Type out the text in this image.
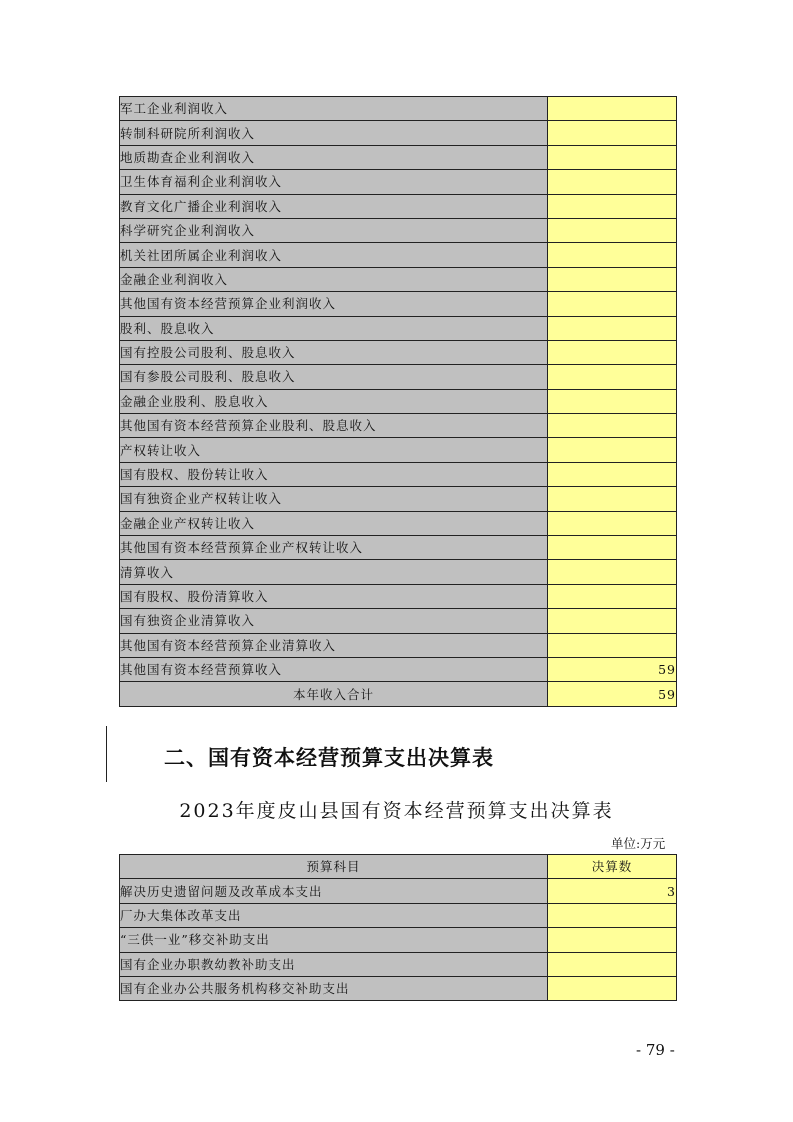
军工企业利润收入	
转制科研院所利润收入	
地质勘查企业利润收入	
卫生体育福利企业利润收入	
教育文化广播企业利润收入	
科学研究企业利润收入	
机关社团所属企业利润收入	
金融企业利润收入	
其他国有资本经营预算企业利润收入	
股利、股息收入	
国有控股公司股利、股息收入	
国有参股公司股利、股息收入	
金融企业股利、股息收入	
其他国有资本经营预算企业股利、股息收入	
产权转让收入	
国有股权、股份转让收入	
国有独资企业产权转让收入	
金融企业产权转让收入	
其他国有资本经营预算企业产权转让收入	
清算收入	
国有股权、股份清算收入	
国有独资企业清算收入	
其他国有资本经营预算企业清算收入	
其他国有资本经营预算收入	59
本年收入合计	59
二、国有资本经营预算支出决算表
2023年度皮山县国有资本经营预算支出决算表
单位:万元
预算科目	决算数
解决历史遗留问题及改革成本支出	3
厂办大集体改革支出	
“三供一业”移交补助支出	
国有企业办职教幼教补助支出	
国有企业办公共服务机构移交补助支出	
- 79 -
